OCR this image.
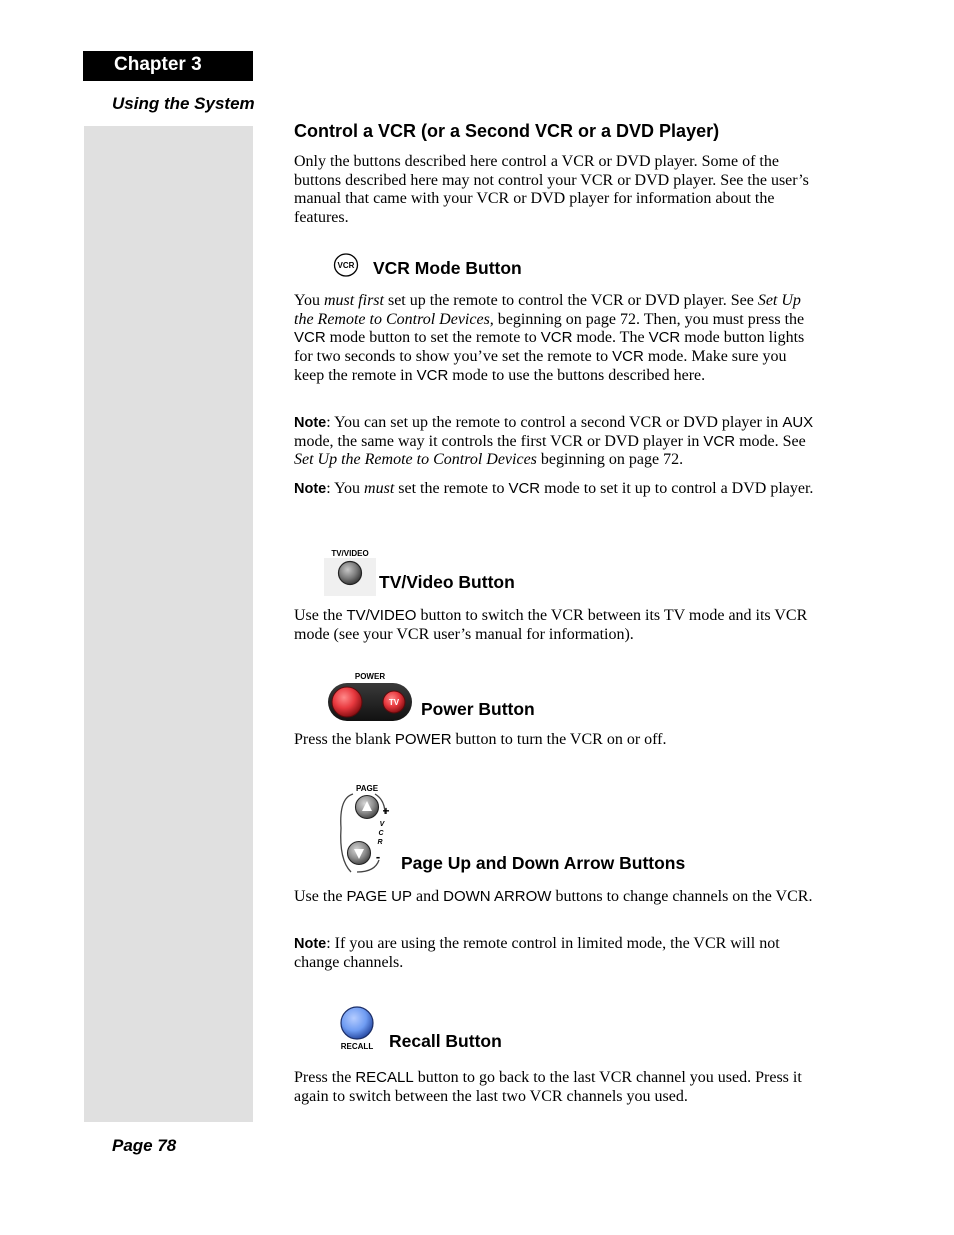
Chapter 3
Using the System
Page 78
Control a VCR (or a Second VCR or a DVD Player)

Only the buttons described here control a VCR or DVD player. Some of the buttons described here may not control your VCR or DVD player. See the user’s manual that came with your VCR or DVD player for information about the features.

VCR VCR Mode Button

You must first set up the remote to control the VCR or DVD player. See Set Up the Remote to Control Devices, beginning on page 72. Then, you must press the VCR mode button to set the remote to VCR mode. The VCR mode button lights for two seconds to show you’ve set the remote to VCR mode. Make sure you keep the remote in VCR mode to use the buttons described here.

Note: You can set up the remote to control a second VCR or DVD player in AUX mode, the same way it controls the first VCR or DVD player in VCR mode. See Set Up the Remote to Control Devices beginning on page 72.

Note: You must set the remote to VCR mode to set it up to control a DVD player.

TV/VIDEO
TV/Video Button

Use the TV/VIDEO button to switch the VCR between its TV mode and its VCR mode (see your VCR user’s manual for information).

POWER
TV Power Button

Press the blank POWER button to turn the VCR on or off.

PAGE
+
-
V
C
R
Page Up and Down Arrow Buttons

Use the PAGE UP and DOWN ARROW buttons to change channels on the VCR.

Note: If you are using the remote control in limited mode, the VCR will not change channels.

RECALL Recall Button

Press the RECALL button to go back to the last VCR channel you used. Press it again to switch between the last two VCR channels you used.
